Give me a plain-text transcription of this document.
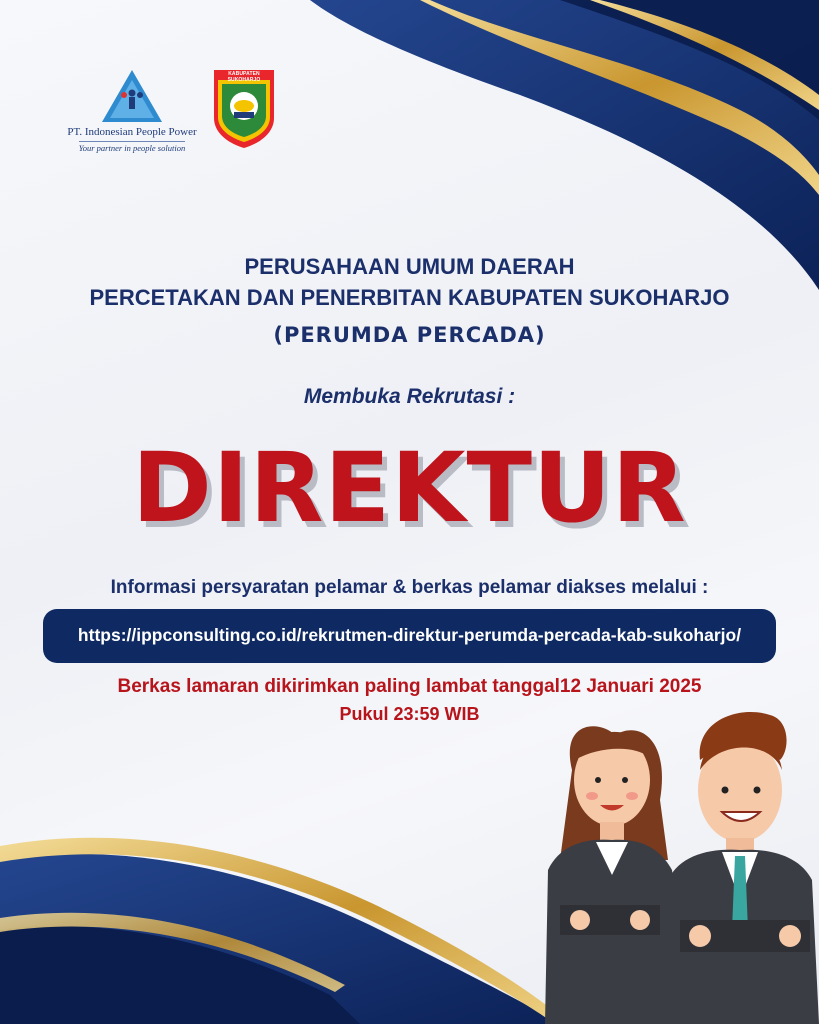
PT. Indonesian People Power
Your partner in people solution
KABUPATEN SUKOHARJO
PERUSAHAAN UMUM DAERAH
PERCETAKAN DAN PENERBITAN KABUPATEN SUKOHARJO
(PERUMDA PERCADA)
Membuka Rekrutasi :
DIREKTUR
Informasi persyaratan pelamar & berkas pelamar diakses melalui :
https://ippconsulting.co.id/rekrutmen-direktur-perumda-percada-kab-sukoharjo/
Berkas lamaran dikirimkan paling lambat tanggal12 Januari 2025
Pukul 23:59 WIB
